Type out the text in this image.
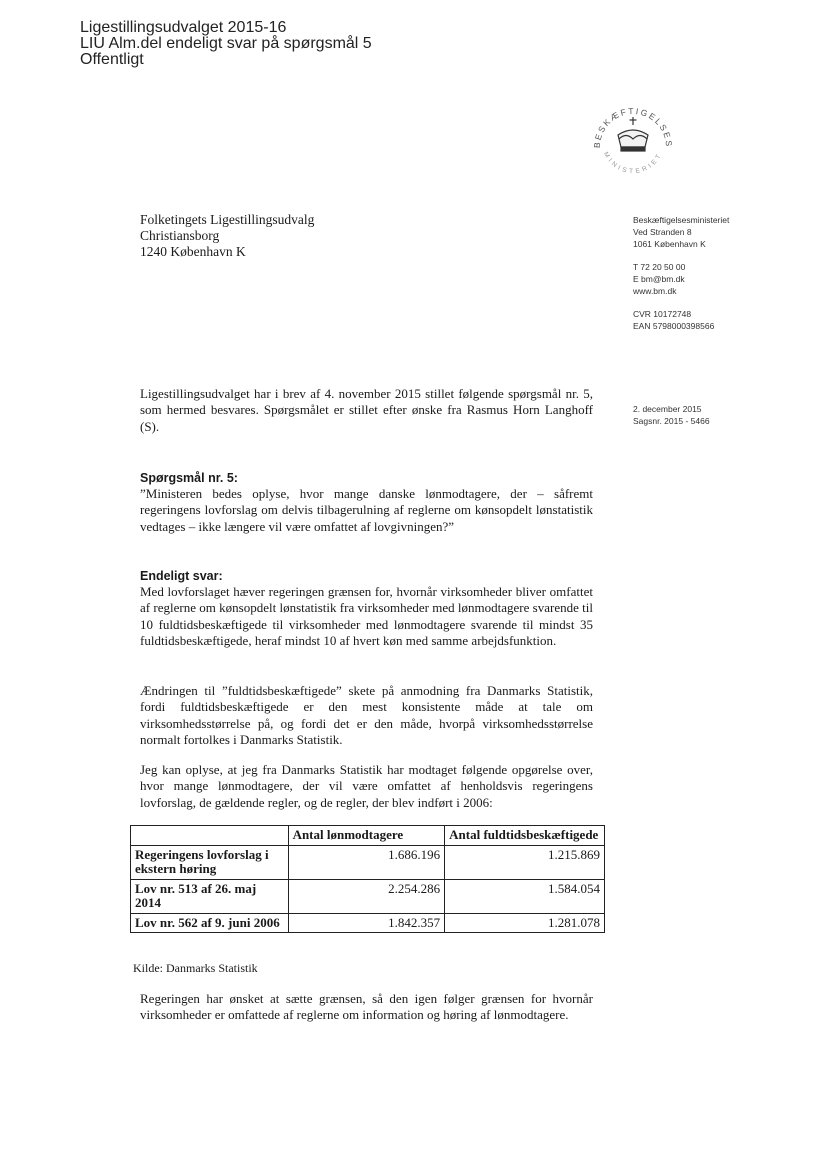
Ligestillingsudvalget 2015-16
LIU Alm.del endeligt svar på spørgsmål 5
Offentligt
BESKÆFTIGELSES
MINISTERIET
Folketingets Ligestillingsudvalg
Christiansborg
1240 København K
Beskæftigelsesministeriet
Ved Stranden 8
1061 København K
T 72 20 50 00
E bm@bm.dk
www.bm.dk
CVR 10172748
EAN 5798000398566
2. december 2015
Sagsnr. 2015 - 5466
Ligestillingsudvalget har i brev af 4. november 2015 stillet følgende spørgsmål nr. 5, som hermed besvares. Spørgsmålet er stillet efter ønske fra Rasmus Horn Langhoff (S).
Spørgsmål nr. 5:
”Ministeren bedes oplyse, hvor mange danske lønmodtagere, der – såfremt regeringens lovforslag om delvis tilbagerulning af reglerne om kønsopdelt lønstatistik vedtages – ikke længere vil være omfattet af lovgivningen?”
Endeligt svar:
Med lovforslaget hæver regeringen grænsen for, hvornår virksomheder bliver omfattet af reglerne om kønsopdelt lønstatistik fra virksomheder med lønmodtagere svarende til 10 fuldtidsbeskæftigede til virksomheder med lønmodtagere svarende til mindst 35 fuldtidsbeskæftigede, heraf mindst 10 af hvert køn med samme arbejdsfunktion.
Ændringen til ”fuldtidsbeskæftigede” skete på anmodning fra Danmarks Statistik, fordi fuldtidsbeskæftigede er den mest konsistente måde at tale om virksomhedsstørrelse på, og fordi det er den måde, hvorpå virksomhedsstørrelse normalt fortolkes i Danmarks Statistik.
Jeg kan oplyse, at jeg fra Danmarks Statistik har modtaget følgende opgørelse over, hvor mange lønmodtagere, der vil være omfattet af henholdsvis regeringens lovforslag, de gældende regler, og de regler, der blev indført i 2006:
	Antal lønmodtagere	Antal fuldtidsbeskæftigede
Regeringens lovforslag i ekstern høring	1.686.196	1.215.869
Lov nr. 513 af 26. maj 2014	2.254.286	1.584.054
Lov nr. 562 af 9. juni 2006	1.842.357	1.281.078
Kilde: Danmarks Statistik
Regeringen har ønsket at sætte grænsen, så den igen følger grænsen for hvornår virksomheder er omfattede af reglerne om information og høring af lønmodtagere.
